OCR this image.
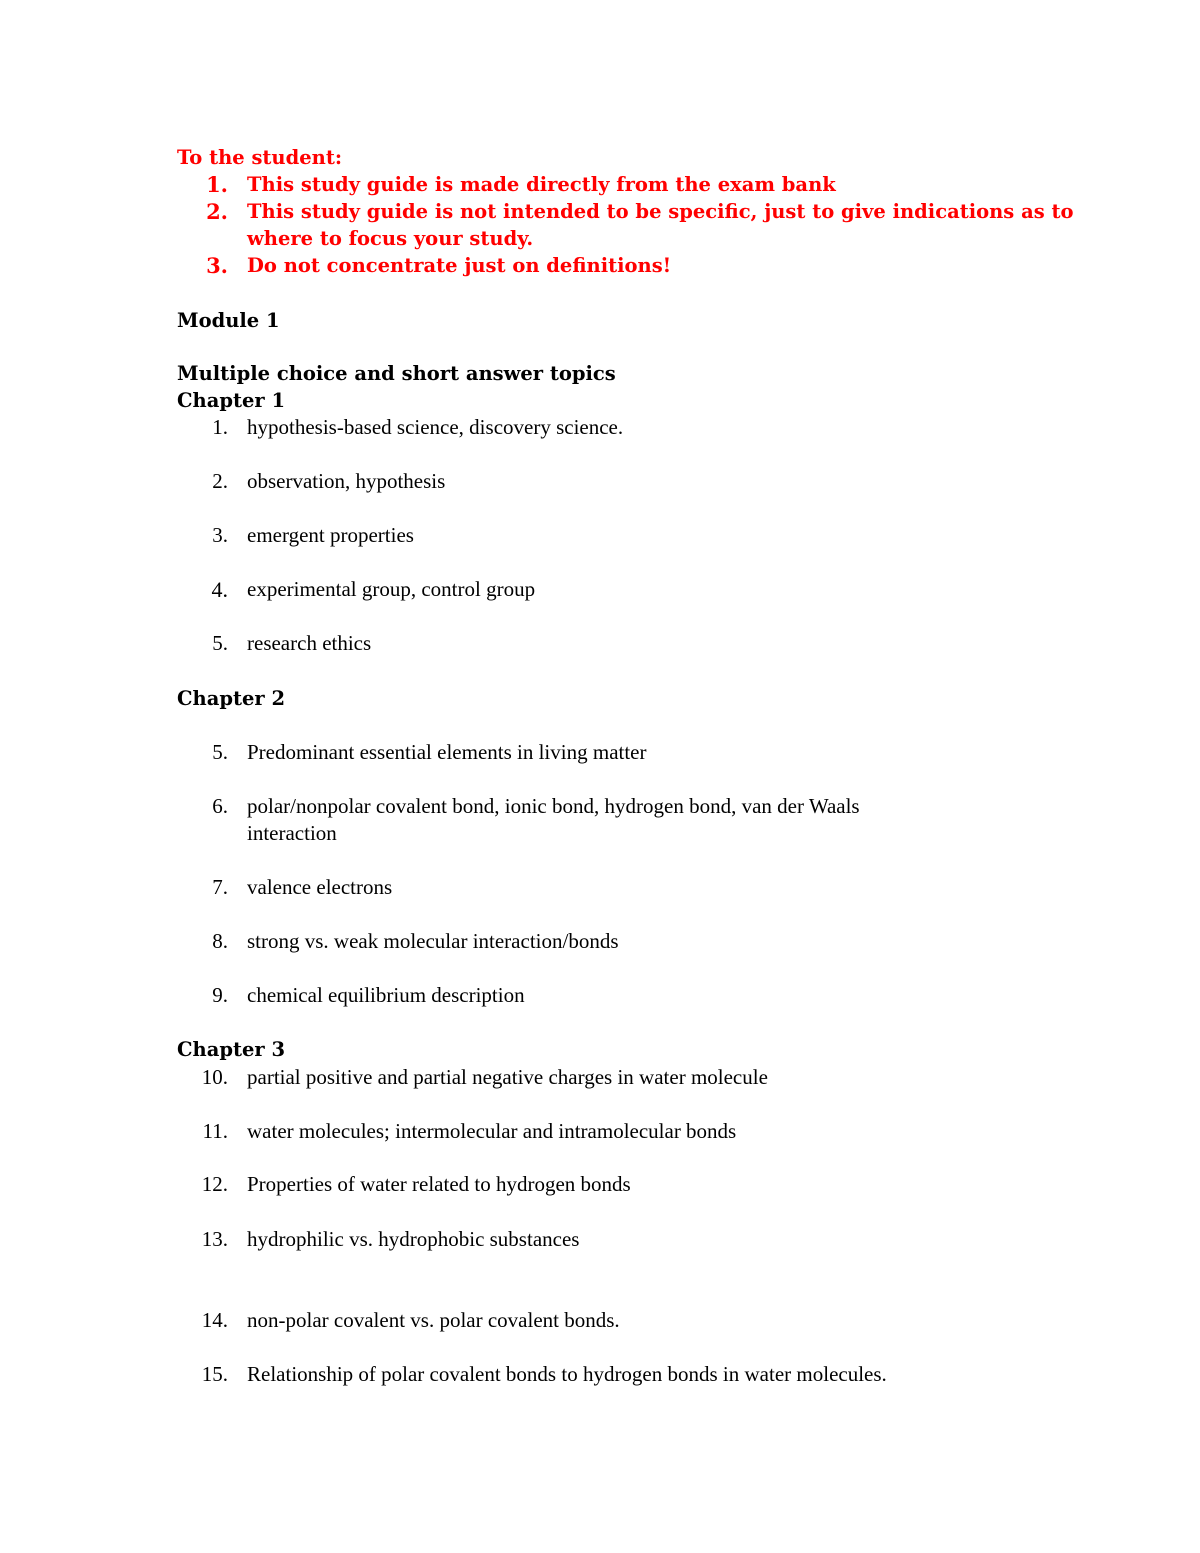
To the student:
1. This study guide is made directly from the exam bank
2. This study guide is not intended to be specific, just to give indications as to
where to focus your study.
3. Do not concentrate just on definitions!
Module 1
Multiple choice and short answer topics
Chapter 1
1. hypothesis-based science, discovery science.
2. observation, hypothesis
3. emergent properties
4. experimental group, control group
5. research ethics
Chapter 2
5. Predominant essential elements in living matter
6. polar/nonpolar covalent bond, ionic bond, hydrogen bond, van der Waals
interaction
7. valence electrons
8. strong vs. weak molecular interaction/bonds
9. chemical equilibrium description
Chapter 3
10. partial positive and partial negative charges in water molecule
11. water molecules; intermolecular and intramolecular bonds
12. Properties of water related to hydrogen bonds
13. hydrophilic vs. hydrophobic substances
14. non-polar covalent vs. polar covalent bonds.
15. Relationship of polar covalent bonds to hydrogen bonds in water molecules.
